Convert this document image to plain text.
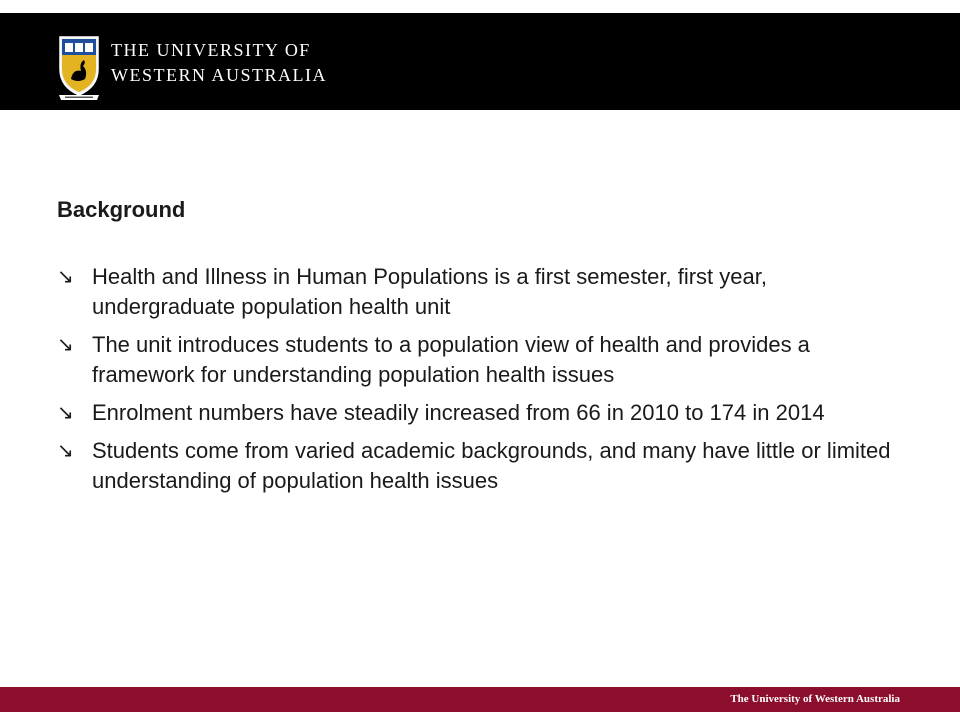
THE UNIVERSITY OF
WESTERN AUSTRALIA
Background
↘ Health and Illness in Human Populations is a first semester, first year, undergraduate population health unit
↘ The unit introduces students to a population view of health and provides a framework for understanding population health issues
↘ Enrolment numbers have steadily increased from 66 in 2010 to 174 in 2014
↘ Students come from varied academic backgrounds, and many have little or limited understanding of population health issues
The University of Western Australia
